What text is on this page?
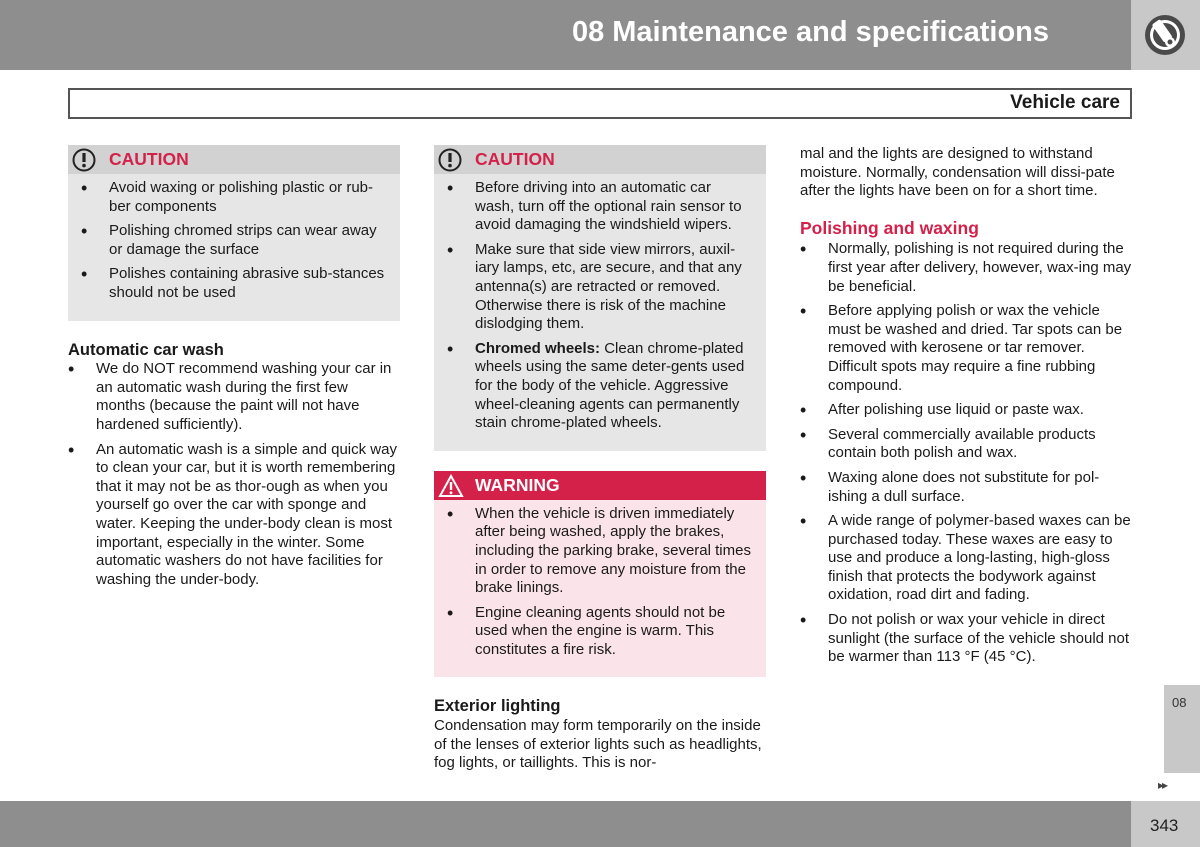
08 Maintenance and specifications
Vehicle care
CAUTION
• Avoid waxing or polishing plastic or rub-ber components
• Polishing chromed strips can wear away or damage the surface
• Polishes containing abrasive sub-stances should not be used
Automatic car wash
• We do NOT recommend washing your car in an automatic wash during the first few months (because the paint will not have hardened sufficiently).
• An automatic wash is a simple and quick way to clean your car, but it is worth remembering that it may not be as thor-ough as when you yourself go over the car with sponge and water. Keeping the under-body clean is most important, especially in the winter. Some automatic washers do not have facilities for washing the under-body.
CAUTION
• Before driving into an automatic car wash, turn off the optional rain sensor to avoid damaging the windshield wipers.
• Make sure that side view mirrors, auxil-iary lamps, etc, are secure, and that any antenna(s) are retracted or removed. Otherwise there is risk of the machine dislodging them.
• Chromed wheels: Clean chrome-plated wheels using the same deter-gents used for the body of the vehicle. Aggressive wheel-cleaning agents can permanently stain chrome-plated wheels.
WARNING
• When the vehicle is driven immediately after being washed, apply the brakes, including the parking brake, several times in order to remove any moisture from the brake linings.
• Engine cleaning agents should not be used when the engine is warm. This constitutes a fire risk.
Exterior lighting

Condensation may form temporarily on the inside of the lenses of exterior lights such as headlights, fog lights, or taillights. This is nor-

mal and the lights are designed to withstand moisture. Normally, condensation will dissi-pate after the lights have been on for a short time.

Polishing and waxing
• Normally, polishing is not required during the first year after delivery, however, wax-ing may be beneficial.
• Before applying polish or wax the vehicle must be washed and dried. Tar spots can be removed with kerosene or tar remover. Difficult spots may require a fine rubbing compound.
• After polishing use liquid or paste wax.
• Several commercially available products contain both polish and wax.
• Waxing alone does not substitute for pol-ishing a dull surface.
• A wide range of polymer-based waxes can be purchased today. These waxes are easy to use and produce a long-lasting, high-gloss finish that protects the bodywork against oxidation, road dirt and fading.
• Do not polish or wax your vehicle in direct sunlight (the surface of the vehicle should not be warmer than 113 °F (45 °C).
08
▸▸
343
